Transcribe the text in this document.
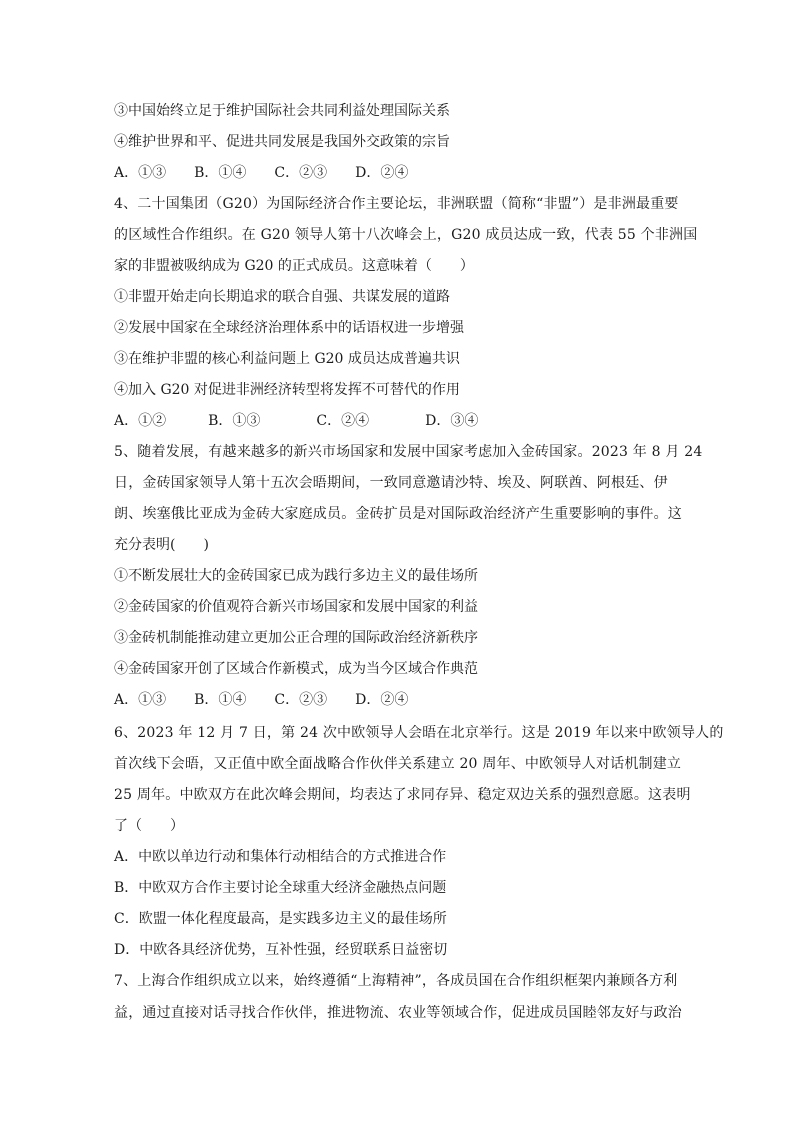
③中国始终立足于维护国际社会共同利益处理国际关系
④维护世界和平、促进共同发展是我国外交政策的宗旨
A．①③　　B．①④　　C．②③　　D．②④
4、二十国集团（G20）为国际经济合作主要论坛，非洲联盟（简称“非盟”）是非洲最重要
的区域性合作组织。在 G20 领导人第十八次峰会上，G20 成员达成一致，代表 55 个非洲国
家的非盟被吸纳成为 G20 的正式成员。这意味着（　　）
①非盟开始走向长期追求的联合自强、共谋发展的道路
②发展中国家在全球经济治理体系中的话语权进一步增强
③在维护非盟的核心利益问题上 G20 成员达成普遍共识
④加入 G20 对促进非洲经济转型将发挥不可替代的作用
A．①②　　　B．①③　　　　C．②④　　　　D．③④
5、随着发展，有越来越多的新兴市场国家和发展中国家考虑加入金砖国家。2023 年 8 月 24
日，金砖国家领导人第十五次会晤期间，一致同意邀请沙特、埃及、阿联酋、阿根廷、伊
朗、埃塞俄比亚成为金砖大家庭成员。金砖扩员是对国际政治经济产生重要影响的事件。这
充分表明(　　)
①不断发展壮大的金砖国家已成为践行多边主义的最佳场所
②金砖国家的价值观符合新兴市场国家和发展中国家的利益
③金砖机制能推动建立更加公正合理的国际政治经济新秩序
④金砖国家开创了区域合作新模式，成为当今区域合作典范
A．①③　　B．①④　　C．②③　　D．②④
6、2023 年 12 月 7 日，第 24 次中欧领导人会晤在北京举行。这是 2019 年以来中欧领导人的
首次线下会晤，又正值中欧全面战略合作伙伴关系建立 20 周年、中欧领导人对话机制建立
25 周年。中欧双方在此次峰会期间，均表达了求同存异、稳定双边关系的强烈意愿。这表明
了（　　）
A．中欧以单边行动和集体行动相结合的方式推进合作
B．中欧双方合作主要讨论全球重大经济金融热点问题
C．欧盟一体化程度最高，是实践多边主义的最佳场所
D．中欧各具经济优势，互补性强，经贸联系日益密切
7、上海合作组织成立以来，始终遵循“上海精神”，各成员国在合作组织框架内兼顾各方利
益，通过直接对话寻找合作伙伴，推进物流、农业等领域合作，促进成员国睦邻友好与政治
